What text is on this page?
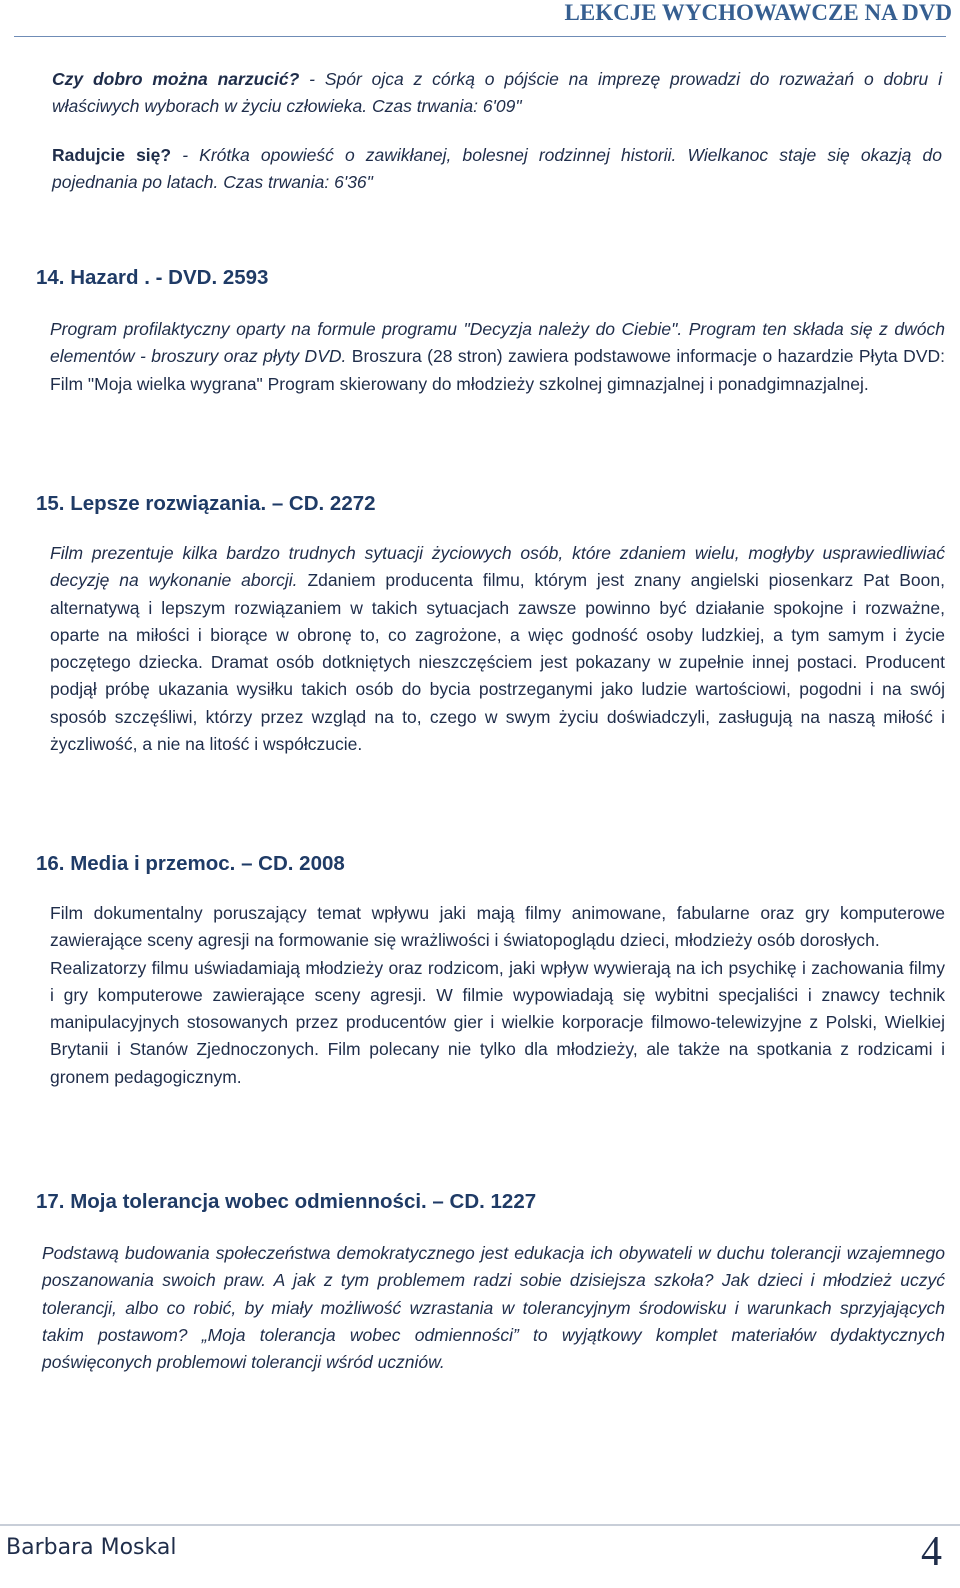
LEKCJE WYCHOWAWCZE NA DVD

Czy dobro można narzucić? - Spór ojca z córką o pójście na imprezę prowadzi do rozważań o dobru i właściwych wyborach w życiu człowieka. Czas trwania: 6'09"

Radujcie się? - Krótka opowieść o zawikłanej, bolesnej rodzinnej historii. Wielkanoc staje się okazją do pojednania po latach. Czas trwania: 6'36"

14. Hazard . - DVD. 2593

Program profilaktyczny oparty na formule programu "Decyzja należy do Ciebie". Program ten składa się z dwóch elementów - broszury oraz płyty DVD. Broszura (28 stron) zawiera podstawowe informacje o hazardzie Płyta DVD: Film "Moja wielka wygrana" Program skierowany do młodzieży szkolnej gimnazjalnej i ponadgimnazjalnej.

15. Lepsze rozwiązania. – CD. 2272

Film prezentuje kilka bardzo trudnych sytuacji życiowych osób, które zdaniem wielu, mogłyby usprawiedliwiać decyzję na wykonanie aborcji. Zdaniem producenta filmu, którym jest znany angielski piosenkarz Pat Boon, alternatywą i lepszym rozwiązaniem w takich sytuacjach zawsze powinno być działanie spokojne i rozważne, oparte na miłości i biorące w obronę to, co zagrożone, a więc godność osoby ludzkiej, a tym samym i życie poczętego dziecka. Dramat osób dotkniętych nieszczęściem jest pokazany w zupełnie innej postaci. Producent podjął próbę ukazania wysiłku takich osób do bycia postrzeganymi jako ludzie wartościowi, pogodni i na swój sposób szczęśliwi, którzy przez wzgląd na to, czego w swym życiu doświadczyli, zasługują na naszą miłość i życzliwość, a nie na litość i współczucie.

16. Media i przemoc. – CD. 2008

Film dokumentalny poruszający temat wpływu jaki mają filmy animowane, fabularne oraz gry komputerowe zawierające sceny agresji na formowanie się wrażliwości i światopoglądu dzieci, młodzieży osób dorosłych.

Realizatorzy filmu uświadamiają młodzieży oraz rodzicom, jaki wpływ wywierają na ich psychikę i zachowania filmy i gry komputerowe zawierające sceny agresji. W filmie wypowiadają się wybitni specjaliści i znawcy technik manipulacyjnych stosowanych przez producentów gier i wielkie korporacje filmowo-telewizyjne z Polski, Wielkiej Brytanii i Stanów Zjednoczonych. Film polecany nie tylko dla młodzieży, ale także na spotkania z rodzicami i gronem pedagogicznym.

17. Moja tolerancja wobec odmienności. – CD. 1227

Podstawą budowania społeczeństwa demokratycznego jest edukacja ich obywateli w duchu tolerancji wzajemnego poszanowania swoich praw. A jak z tym problemem radzi sobie dzisiejsza szkoła? Jak dzieci i młodzież uczyć tolerancji, albo co robić, by miały możliwość wzrastania w tolerancyjnym środowisku i warunkach sprzyjających takim postawom? „Moja tolerancja wobec odmienności” to wyjątkowy komplet materiałów dydaktycznych poświęconych problemowi tolerancji wśród uczniów.

Barbara Moskal	4
